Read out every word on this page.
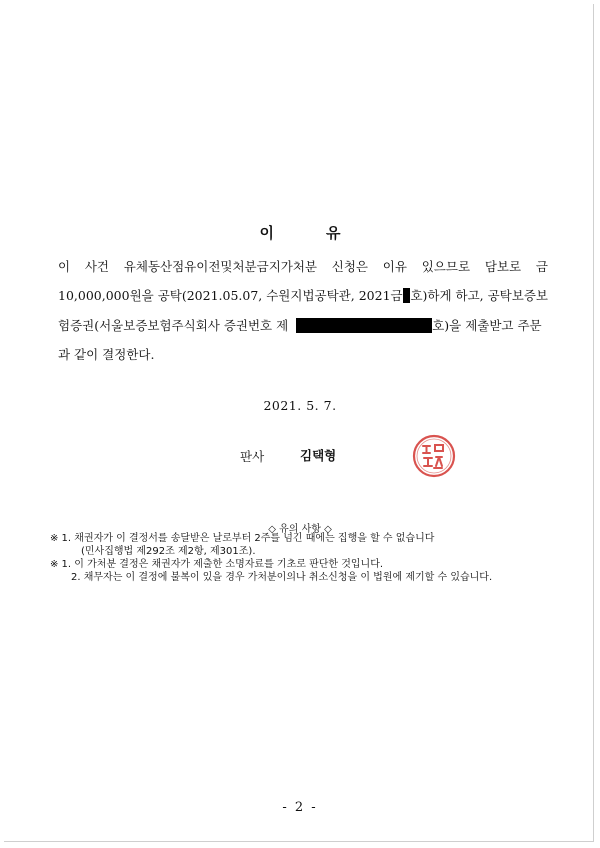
이	유
이 사건 유체동산점유이전및처분금지가처분 신청은 이유 있으므로 담보로 금
10,000,000원을 공탁(2021.05.07, 수원지법공탁관, 2021금 호)하게 하고, 공탁보증보
험증권(서울보증보험주식회사 증권번호 제	호)을 제출받고 주문
과 같이 결정한다.
2021. 5. 7.
판사	김택형
◇ 유의 사항 ◇
※ 1. 채권자가 이 결정서를 송달받은 날로부터 2주를 넘긴 때에는 집행을 할 수 없습니다
(민사집행법 제292조 제2항, 제301조).
※ 1. 이 가처분 결정은 채권자가 제출한 소명자료를 기초로 판단한 것입니다.
2. 채무자는 이 결정에 불복이 있을 경우 가처분이의나 취소신청을 이 법원에 제기할 수 있습니다.
- 2 -
